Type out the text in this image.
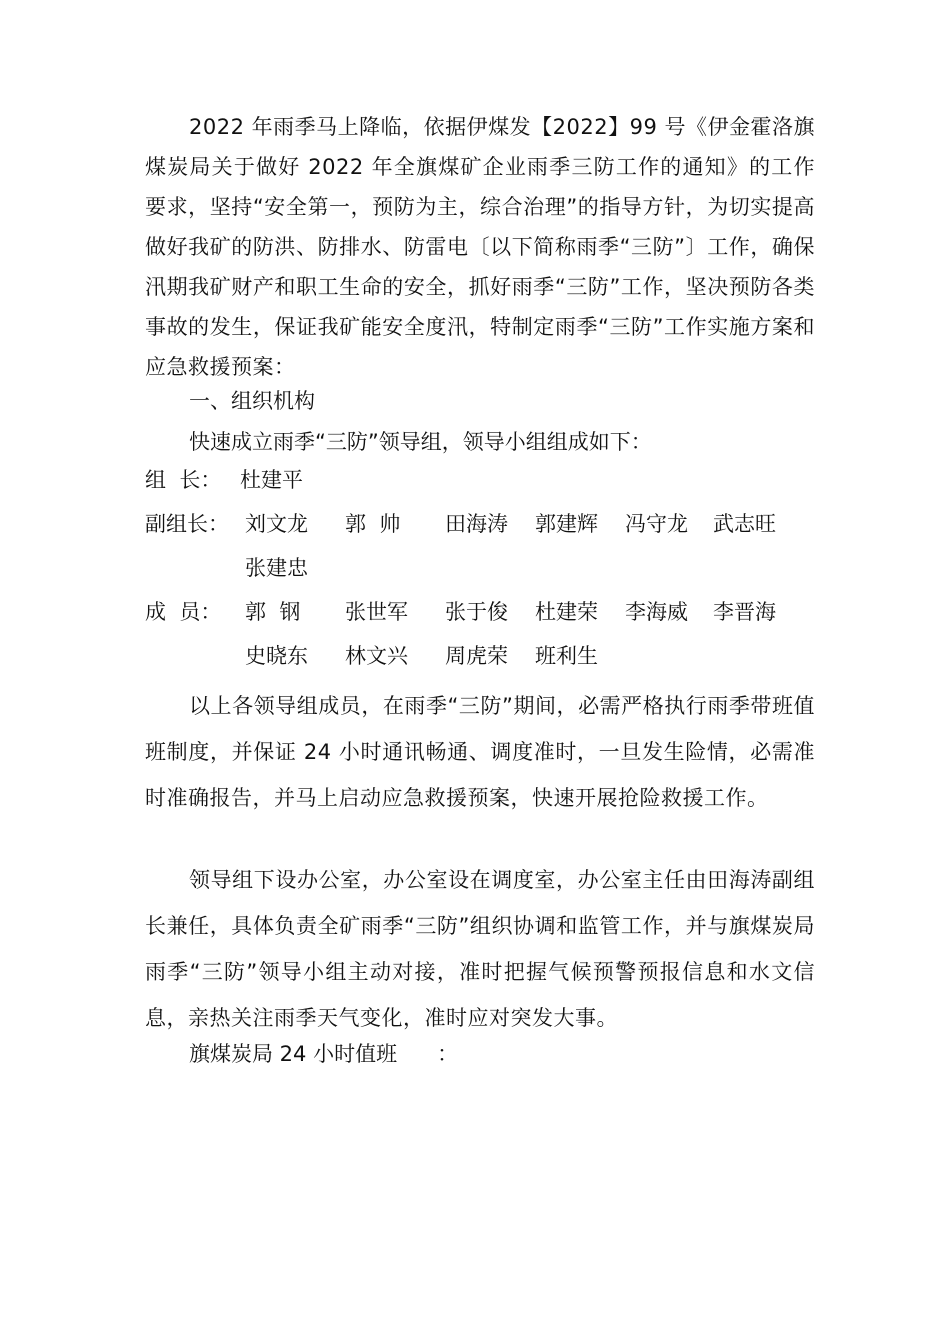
2022 年雨季马上降临，依据伊煤发【2022】99 号《伊金霍洛旗煤炭局关于做好 2022 年全旗煤矿企业雨季三防工作的通知》的工作要求，坚持“安全第一，预防为主，综合治理”的指导方针，为切实提高做好我矿的防洪、防排水、防雷电〔以下简称雨季“三防”〕工作，确保汛期我矿财产和职工生命的安全，抓好雨季“三防”工作，坚决预防各类事故的发生，保证我矿能安全度汛，特制定雨季“三防”工作实施方案和应急救援预案：

一、组织机构

快速成立雨季“三防”领导组，领导小组组成如下：

组  长： 杜建平
副组长： 刘文龙 郭  帅 田海涛 郭建辉 冯守龙 武志旺
张建忠
成  员： 郭  钢 张世军 张于俊 杜建荣 李海威 李晋海
史晓东 林文兴 周虎荣 班利生

以上各领导组成员，在雨季“三防”期间，必需严格执行雨季带班值班制度，并保证 24 小时通讯畅通、调度准时，一旦发生险情，必需准时准确报告，并马上启动应急救援预案，快速开展抢险救援工作。

领导组下设办公室，办公室设在调度室，办公室主任由田海涛副组长兼任，具体负责全矿雨季“三防”组织协调和监管工作，并与旗煤炭局雨季“三防”领导小组主动对接，准时把握气候预警预报信息和水文信息，亲热关注雨季天气变化，准时应对突发大事。

旗煤炭局 24 小时值班      ：
